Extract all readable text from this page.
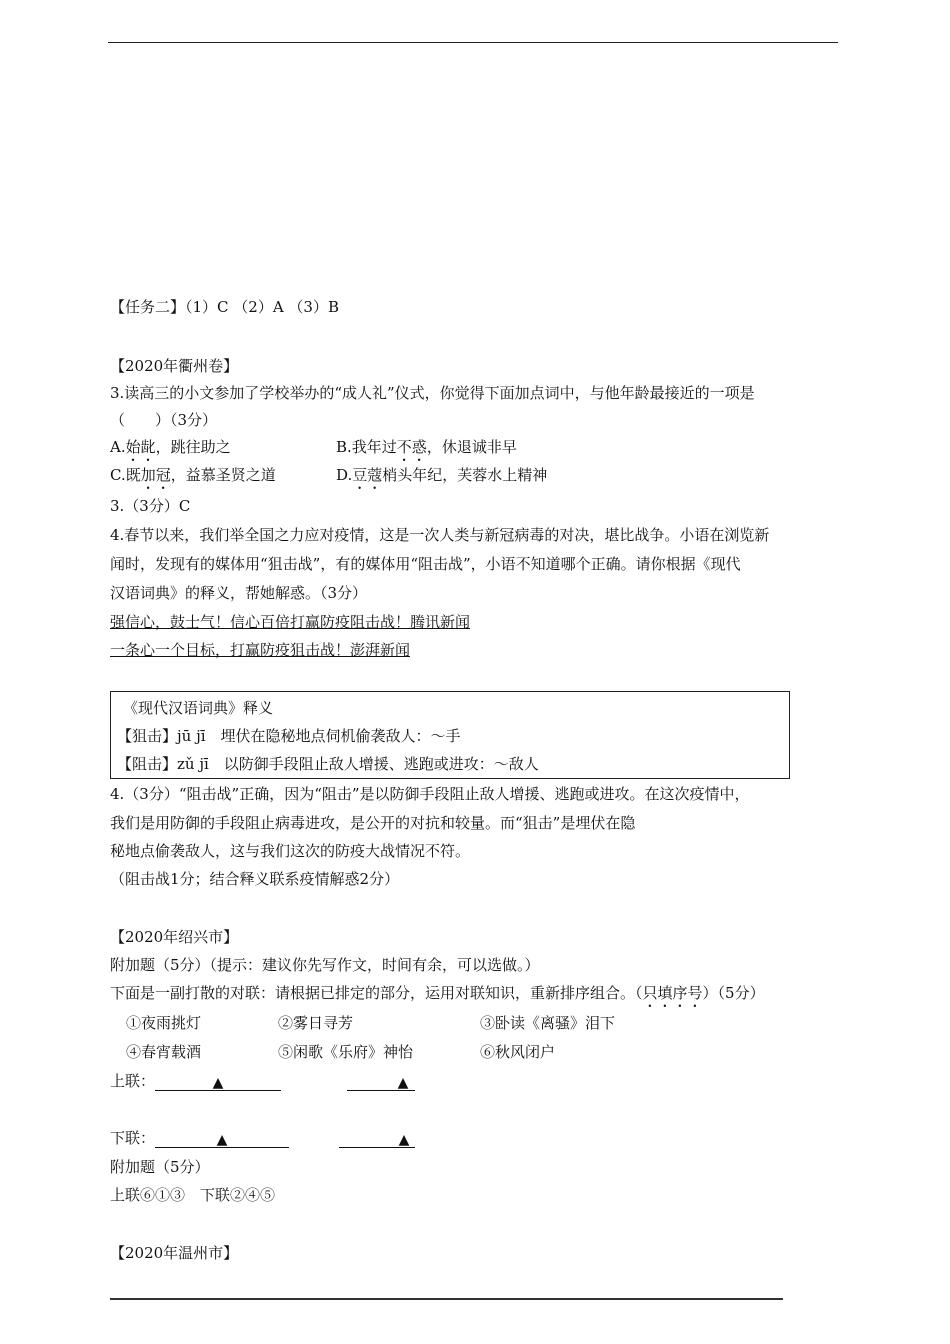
【任务二】（1）C （2）A （3）B
【2020年衢州卷】
3.读高三的小文参加了学校举办的“成人礼”仪式，你觉得下面加点词中，与他年龄最接近的一项是
（　　）（3分）
A.始龀，跳往助之	B.我年过不惑，休退诚非早
C.既加冠，益慕圣贤之道	D.豆蔻梢头年纪，芙蓉水上精神
3.（3分）C
4.春节以来，我们举全国之力应对疫情，这是一次人类与新冠病毒的对决，堪比战争。小语在浏览新
闻时，发现有的媒体用“狙击战”，有的媒体用“阻击战”，小语不知道哪个正确。请你根据《现代
汉语词典》的释义，帮她解惑。（3分）
强信心，鼓士气！信心百倍打赢防疫阻击战！腾讯新闻
一条心一个目标，打赢防疫狙击战！澎湃新闻
《现代汉语词典》释义
【狙击】jū jī　埋伏在隐秘地点伺机偷袭敌人：～手
【阻击】zǔ jī　以防御手段阻止敌人增援、逃跑或进攻：～敌人
4.（3分）“阻击战”正确，因为“阻击”是以防御手段阻止敌人增援、逃跑或进攻。在这次疫情中，
我们是用防御的手段阻止病毒进攻，是公开的对抗和较量。而“狙击”是埋伏在隐
秘地点偷袭敌人，这与我们这次的防疫大战情况不符。
（阻击战1分；结合释义联系疫情解惑2分）
【2020年绍兴市】
附加题（5分）（提示：建议你先写作文，时间有余，可以选做。）
下面是一副打散的对联：请根据已排定的部分，运用对联知识，重新排序组合。（只填序号）（5分）
①夜雨挑灯	②雾日寻芳	③卧读《离骚》泪下
④春宵载酒	⑤闲歌《乐府》神怡	⑥秋风闭户
上联：	▲	▲
下联：	▲	▲
附加题（5分）
上联⑥①③　下联②④⑤
【2020年温州市】
